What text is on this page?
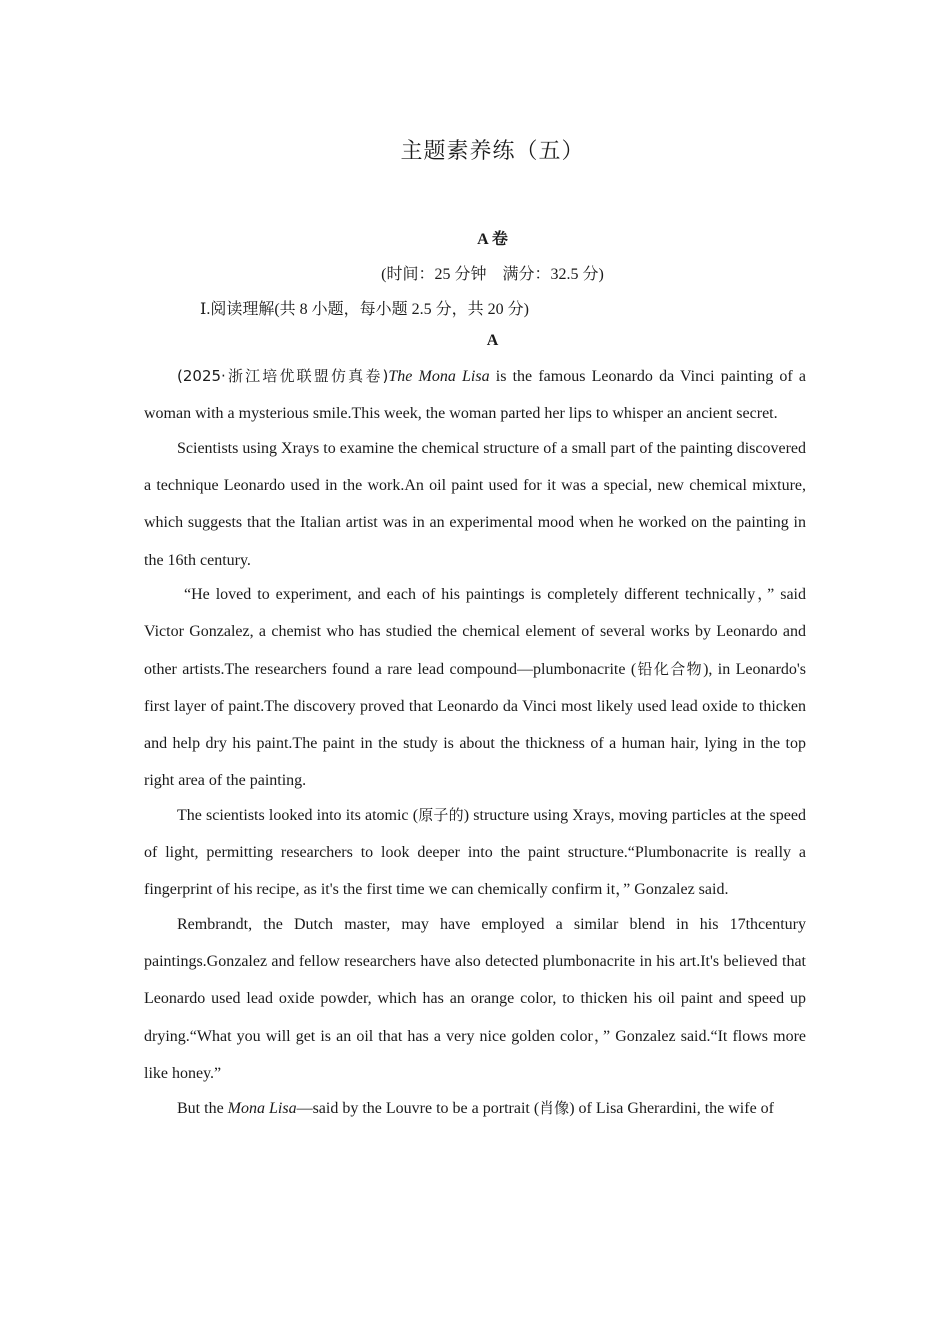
主题素养练（五）
A 卷
(时间：25 分钟　满分：32.5 分)
Ⅰ.阅读理解(共 8 小题，每小题 2.5 分，共 20 分)
A

(2025·浙江培优联盟仿真卷)The Mona Lisa is the famous Leonardo da Vinci painting of a woman with a mysterious smile.This week, the woman parted her lips to whisper an ancient secret.

Scientists using Xrays to examine the chemical structure of a small part of the painting discovered a technique Leonardo used in the work.An oil paint used for it was a special, new chemical mixture, which suggests that the Italian artist was in an experimental mood when he worked on the painting in the 16th century.

“He loved to experiment, and each of his paintings is completely different technically，” said Victor Gonzalez, a chemist who has studied the chemical element of several works by Leonardo and other artists.The researchers found a rare lead compound—plumbonacrite (铅化合物), in Leonardo's first layer of paint.The discovery proved that Leonardo da Vinci most likely used lead oxide to thicken and help dry his paint.The paint in the study is about the thickness of a human hair, lying in the top right area of the painting.

The scientists looked into its atomic (原子的) structure using Xrays, moving particles at the speed of light, permitting researchers to look deeper into the paint structure.“Plumbonacrite is really a fingerprint of his recipe, as it's the first time we can chemically confirm it，” Gonzalez said.

Rembrandt, the Dutch master, may have employed a similar blend in his 17thcentury paintings.Gonzalez and fellow researchers have also detected plumbonacrite in his art.It's believed that Leonardo used lead oxide powder, which has an orange color, to thicken his oil paint and speed up drying.“What you will get is an oil that has a very nice golden color，” Gonzalez said.“It flows more like honey.”

But the Mona Lisa—said by the Louvre to be a portrait (肖像) of Lisa Gherardini, the wife of
